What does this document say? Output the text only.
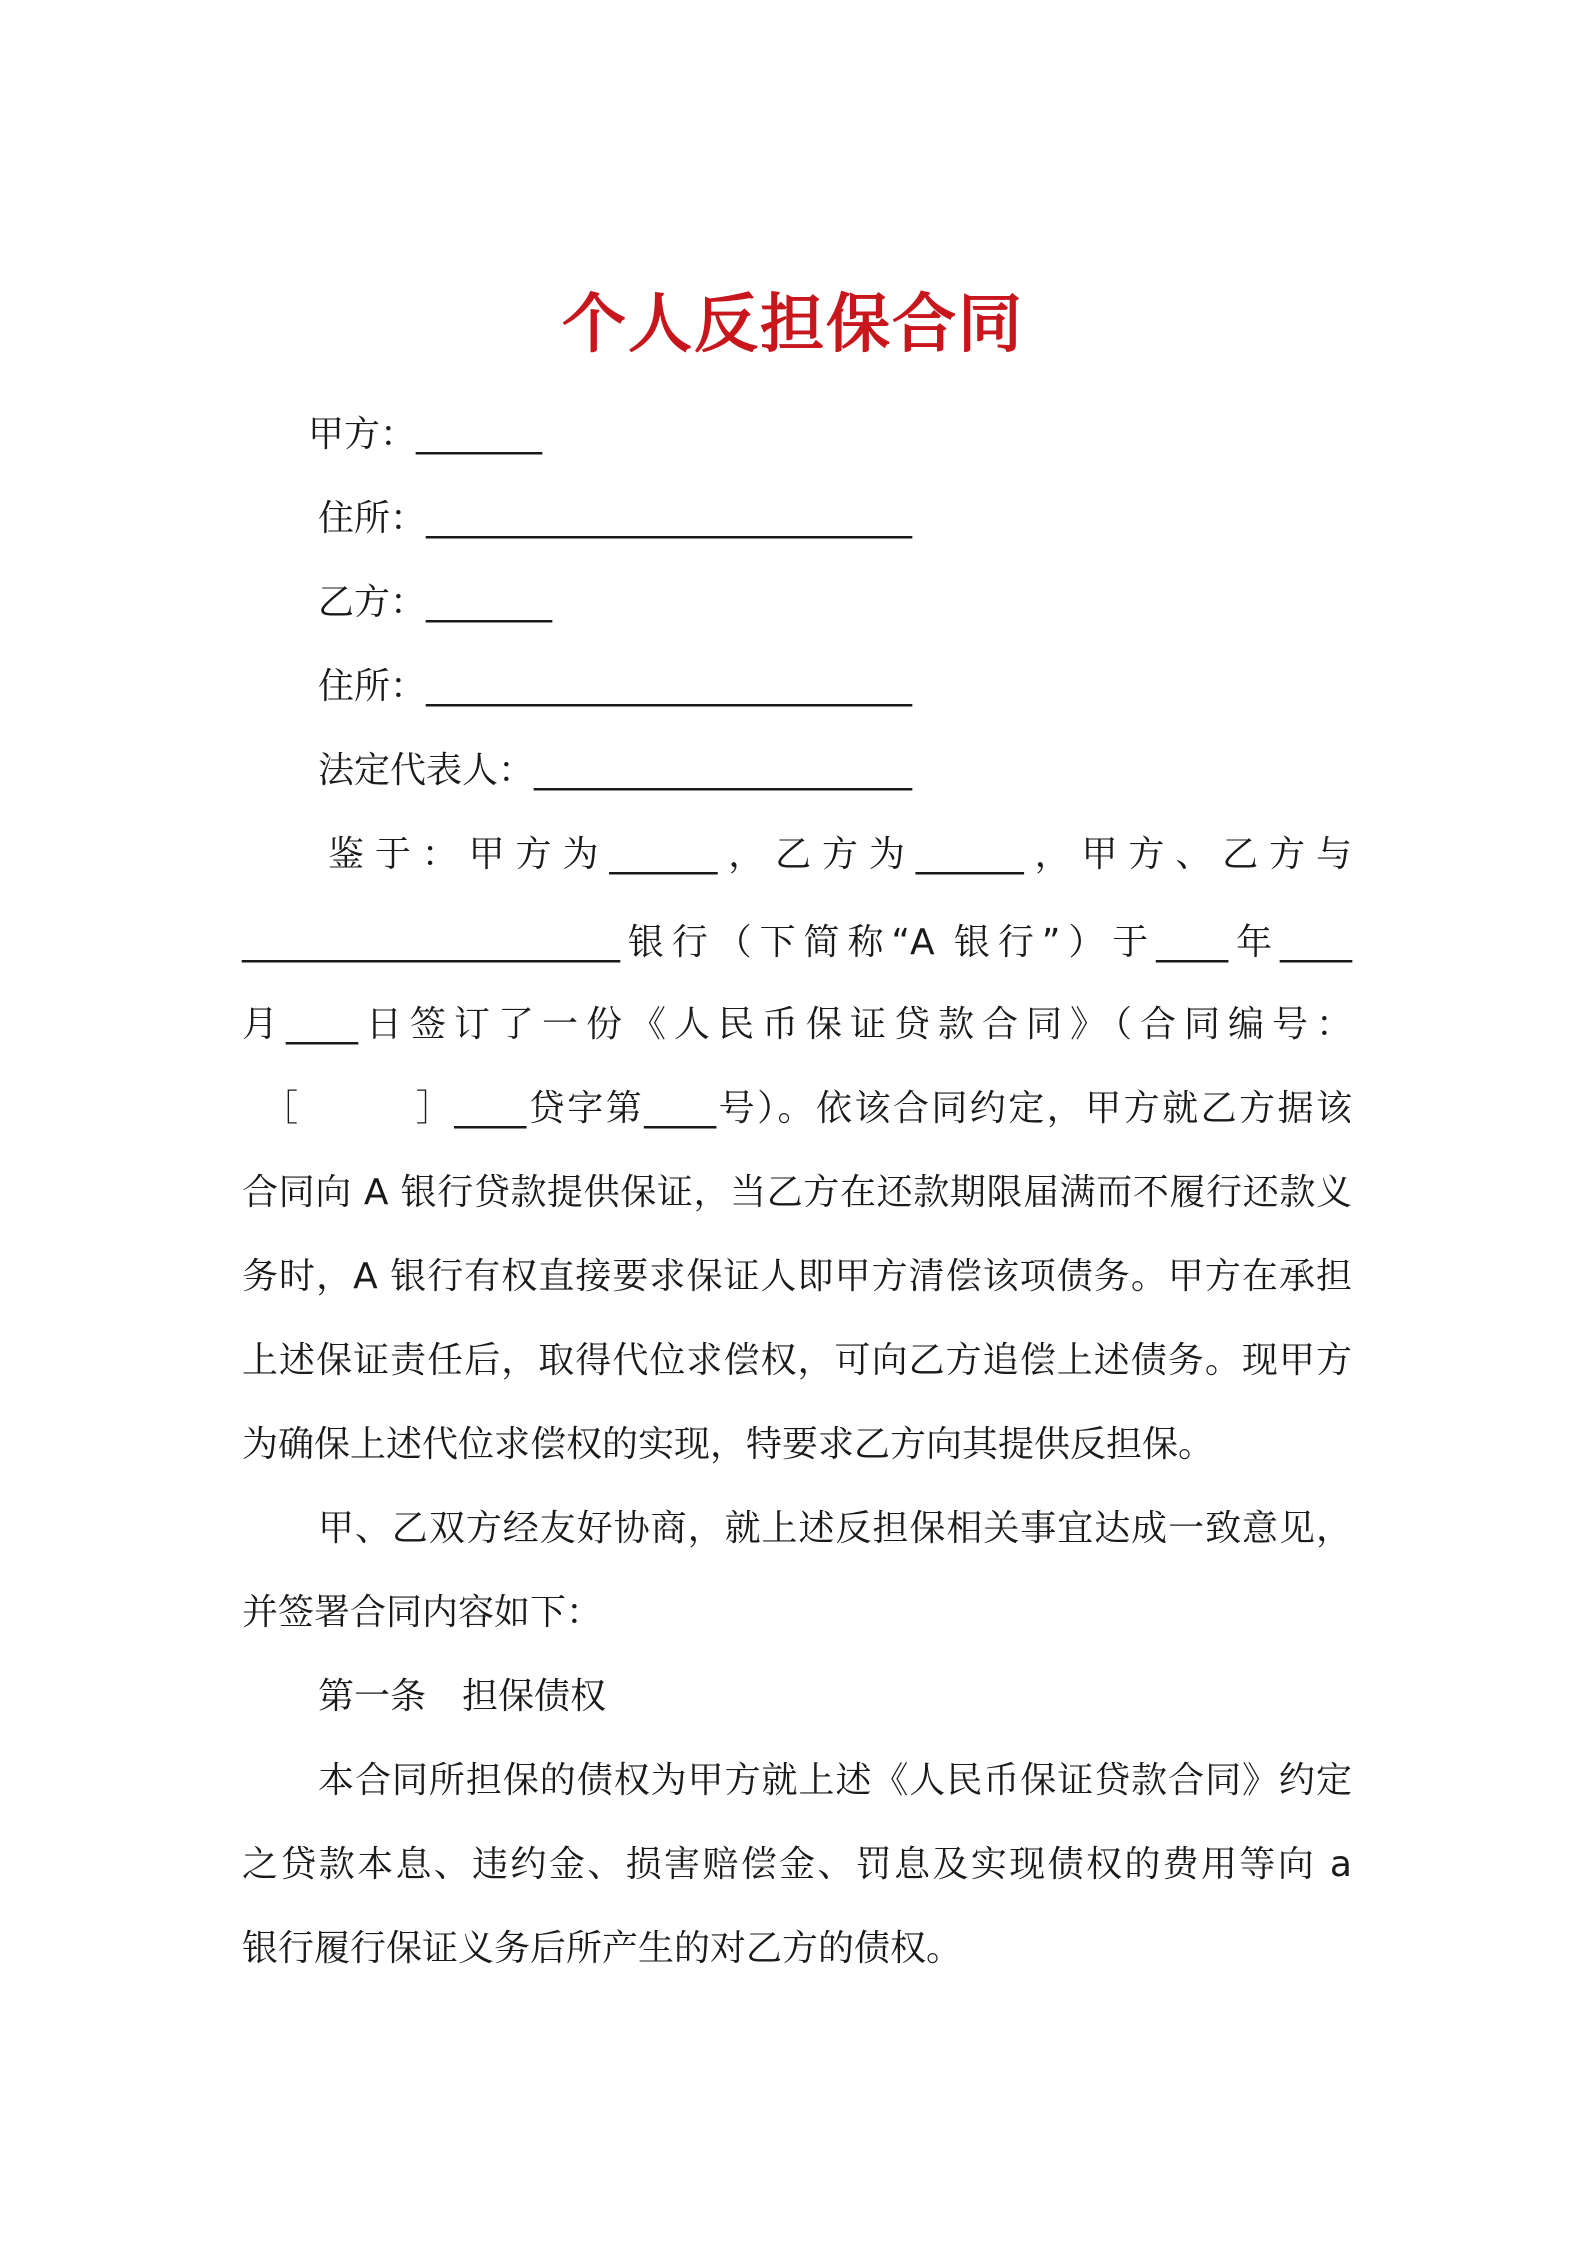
个人反担保合同
甲方：_______
住所：___________________________
乙方：_______
住所：___________________________
法定代表人：_____________________
鉴于：甲方为______，乙方为______，甲方、乙方与
_____________________银行（下简称“A 银行”）于____年____
月____日签订了一份《人民币保证贷款合同》（合同编号：
［　　　］____贷字第____号）。依该合同约定，甲方就乙方据该
合同向 A 银行贷款提供保证，当乙方在还款期限届满而不履行还款义
务时，A 银行有权直接要求保证人即甲方清偿该项债务。甲方在承担
上述保证责任后，取得代位求偿权，可向乙方追偿上述债务。现甲方
为确保上述代位求偿权的实现，特要求乙方向其提供反担保。
甲、乙双方经友好协商，就上述反担保相关事宜达成一致意见，
并签署合同内容如下：
第一条　担保债权
本合同所担保的债权为甲方就上述《人民币保证贷款合同》约定
之贷款本息、违约金、损害赔偿金、罚息及实现债权的费用等向 a
银行履行保证义务后所产生的对乙方的债权。
